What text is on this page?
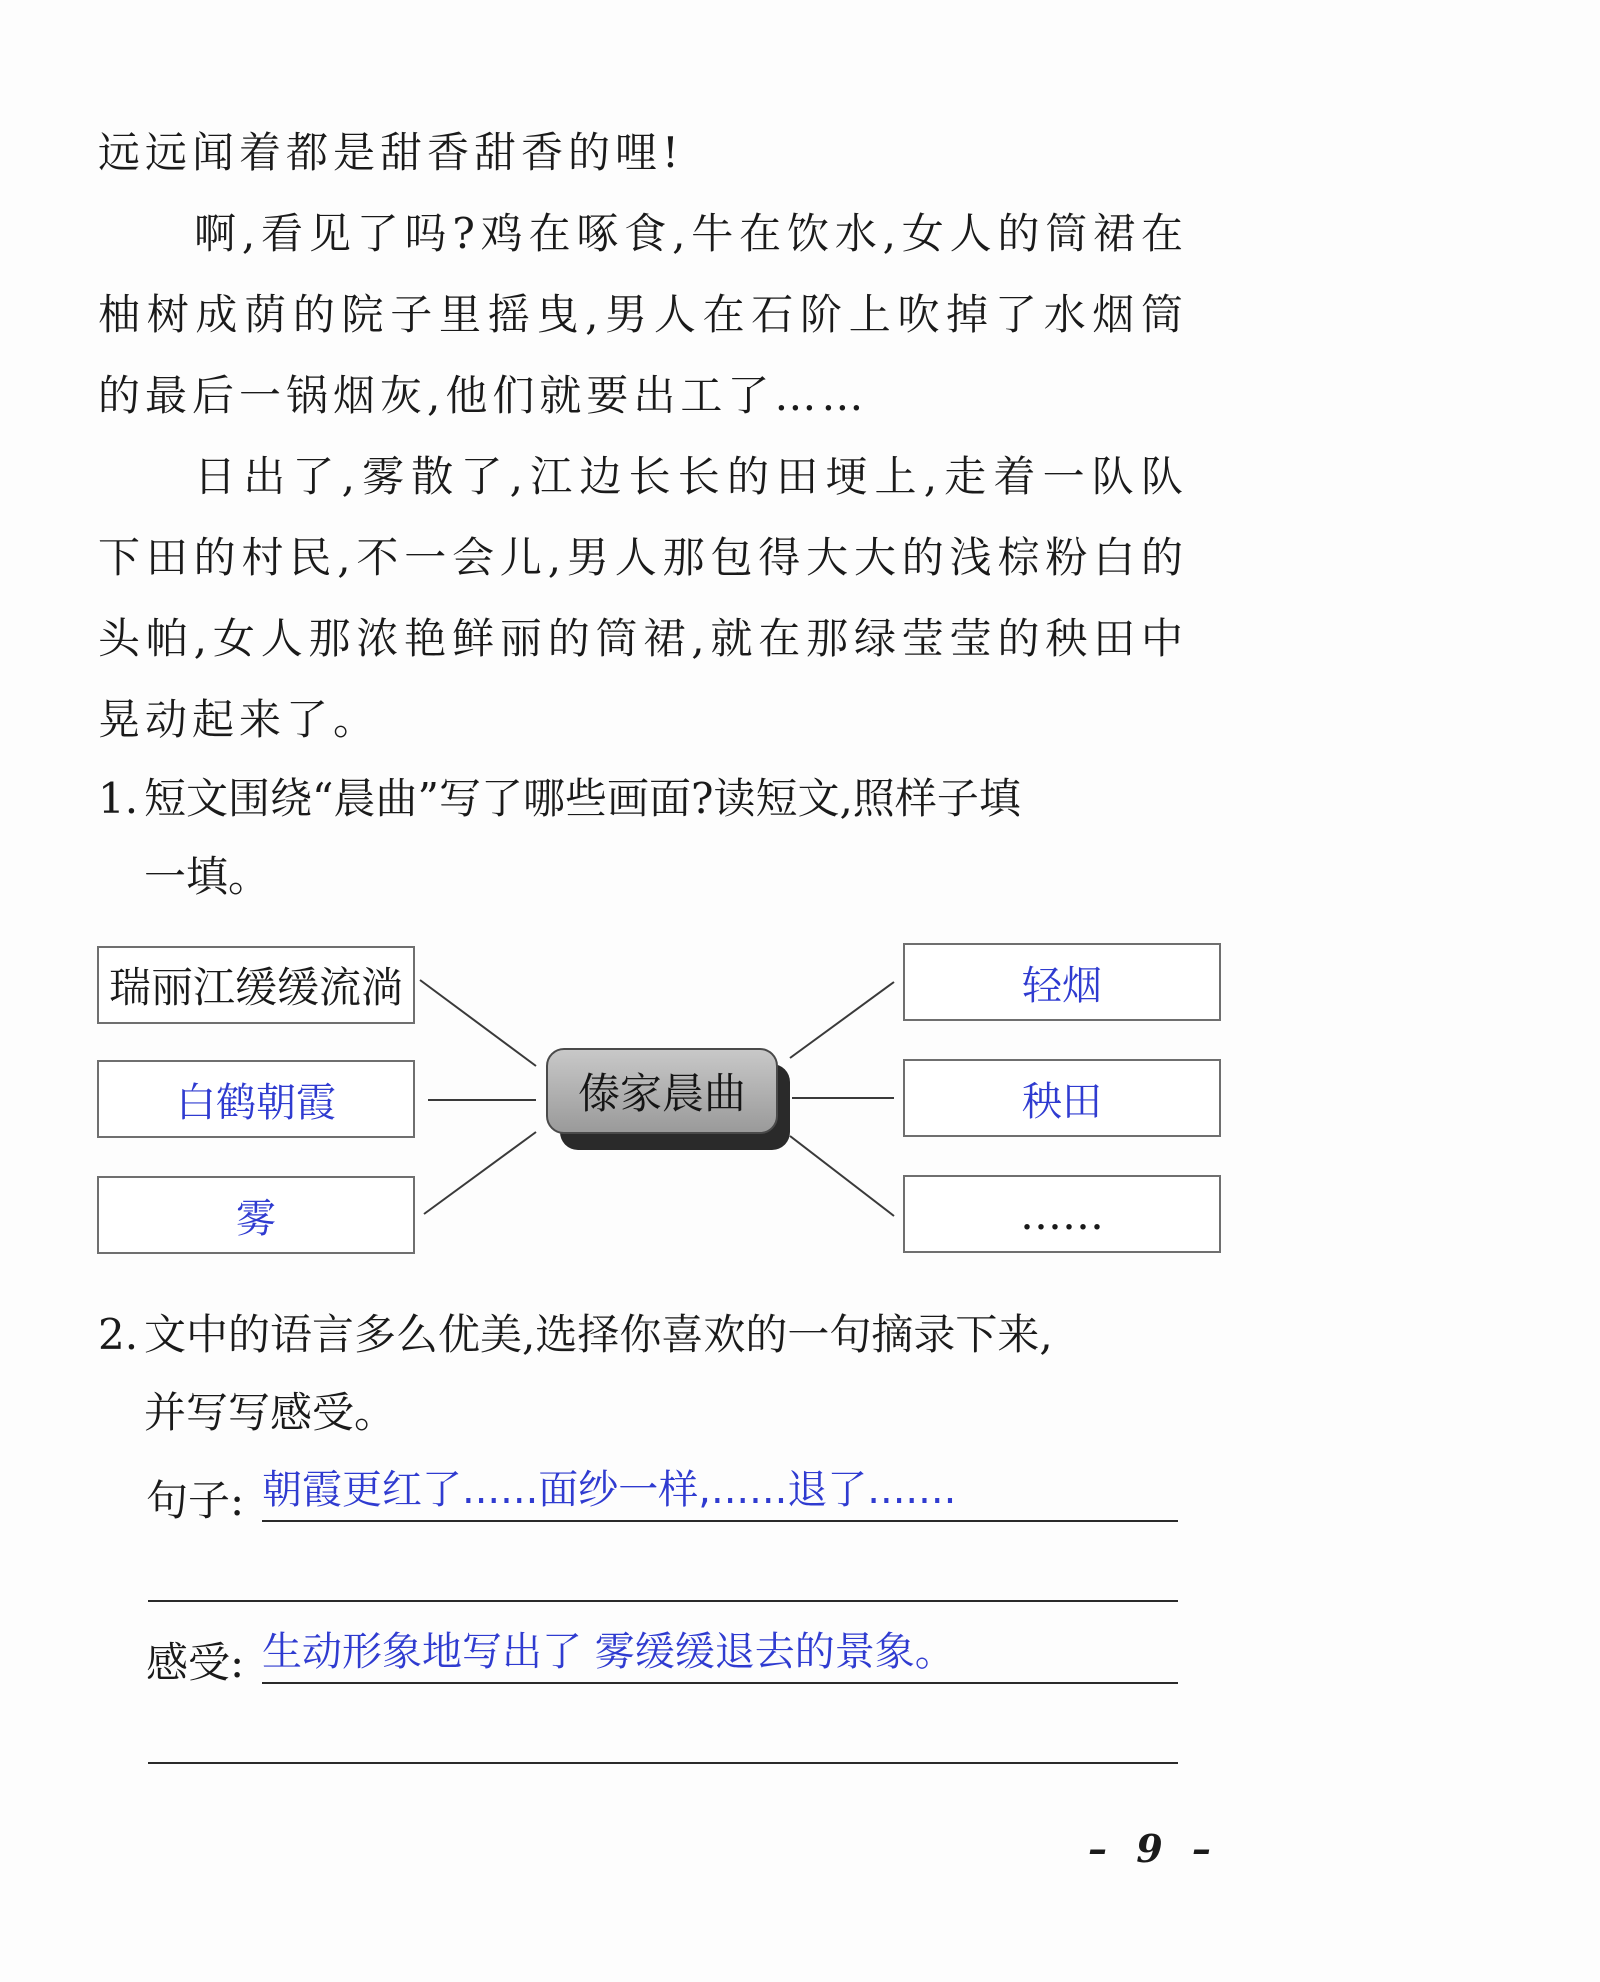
远远闻着都是甜香甜香的哩!

啊,看见了吗?鸡在啄食,牛在饮水,女人的筒裙在柚树成荫的院子里摇曳,男人在石阶上吹掉了水烟筒的最后一锅烟灰,他们就要出工了……

日出了,雾散了,江边长长的田埂上,走着一队队下田的村民,不一会儿,男人那包得大大的浅棕粉白的头帕,女人那浓艳鲜丽的筒裙,就在那绿莹莹的秧田中晃动起来了。

1. 短文围绕“晨曲”写了哪些画面?读短文,照样子填
一填。
瑞丽江缓缓流淌
白鹤朝霞
雾
轻烟
秧田
……
傣家晨曲
2. 文中的语言多么优美,选择你喜欢的一句摘录下来,
并写写感受。
句子: 朝霞更红了......面纱一样,......退了.......
感受: 生动形象地写出了 雾缓缓退去的景象。
– 9 –
